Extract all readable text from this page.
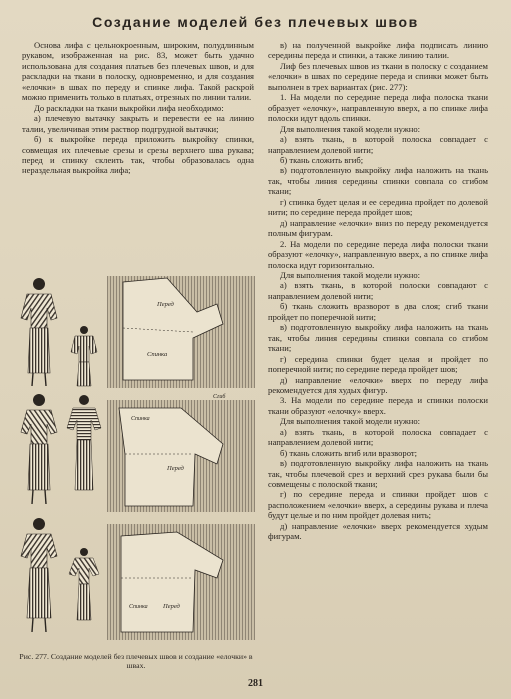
Создание моделей без плечевых швов

Основа лифа с цельнокроенным, широким, полудлинным рукавом, изображенная на рис. 83, может быть удачно использована для создания платьев без плечевых швов, и для раскладки на ткани в полоску, одновременно, и для создания «елочки» в швах по переду и спинке лифа. Такой раскрой можно применить только в платьях, отрезных по линии талии.

До раскладки на ткани выкройки лифа необходимо:

а) плечевую вытачку закрыть и перевести ее на линию талии, увеличивая этим раствор подгрудной вытачки;

б) к выкройке переда приложить выкройку спинки, совмещая их плечевые срезы и срезы верхнего шва рукава; перед и спинку склеить так, чтобы образовалась одна нераздельная выкройка лифа;

в) на полученной выкройке лифа подписать линию середины переда и спинки, а также линию талии.

Лиф без плечевых швов из ткани в полоску с созданием «елочки» в швах по середине переда и спинки может быть выполнен в трех вариантах (рис. 277):

1. На модели по середине переда лифа полоска ткани образует «елочку», направленную вверх, а по спинке лифа полоски идут вдоль спинки.

Для выполнения такой модели нужно:

а) взять ткань, в которой полоска совпадает с направлением долевой нити;

б) ткань сложить вгиб;

в) подготовленную выкройку лифа наложить на ткань так, чтобы линия середины спинки совпала со сгибом ткани;

г) спинка будет целая и ее середина пройдет по долевой нити; по середине переда пройдет шов;

д) направление «елочки» вниз по переду рекомендуется полным фигурам.

2. На модели по середине переда лифа полоски ткани образуют «елочку», направленную вверх, а по спинке лифа полоска идут горизонтально.

Для выполнения такой модели нужно:

а) взять ткань, в которой полоски совпадают с направлением долевой нити;

б) ткань сложить вразворот в два слоя; сгиб ткани пройдет по поперечной нити;

в) подготовленную выкройку лифа наложить на ткань так, чтобы линия середины спинки совпала со сгибом ткани;

г) середина спинки будет целая и пройдет по поперечной нити; по середине переда пройдет шов;

д) направление «елочки» вверх по переду лифа рекомендуется для худых фигур.

3. На модели по середине переда и спинки полоски ткани образуют «елочку» вверх.

Для выполнения такой модели нужно:

а) взять ткань, в которой полоска совпадает с направлением долевой нити;

б) ткань сложить вгиб или вразворот;

в) подготовленную выкройку лифа наложить на ткань так, чтобы плечевой срез и верхний срез рукава были бы совмещены с полоской ткани;

г) по середине переда и спинки пройдет шов с расположением «елочки» вверх, а середины рукава и плеча будут целые и по ним пройдет долевая нить;

д) направление «елочки» вверх рекомендуется худым фигурам.

Перед
Спинка
Сгиб
Спинка
Перед
Спинка Перед
Рис. 277. Создание моделей без плечевых швов и создание «елочки» в швах.
281
